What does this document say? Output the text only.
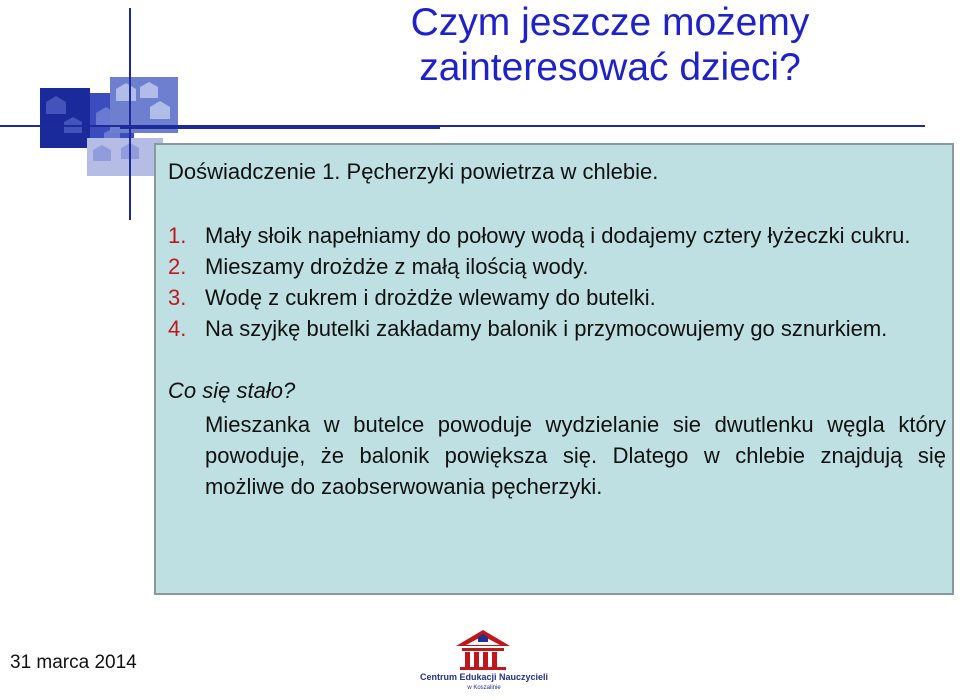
Czym jeszcze możemy
zainteresować dzieci?

Doświadczenie 1. Pęcherzyki powietrza w chlebie.

1. Mały słoik napełniamy do połowy wodą i dodajemy cztery łyżeczki cukru.
2. Mieszamy drożdże z małą ilością wody.
3. Wodę z cukrem i drożdże wlewamy do butelki.
4. Na szyjkę butelki zakładamy balonik i przymocowujemy go sznurkiem.
Co się stało?
Mieszanka w butelce powoduje wydzielanie sie dwutlenku węgla który powoduje, że balonik powiększa się. Dlatego w chlebie znajdują się możliwe do zaobserwowania pęcherzyki.
31 marca 2014
Centrum Edukacji Nauczycieli
w Koszalinie
